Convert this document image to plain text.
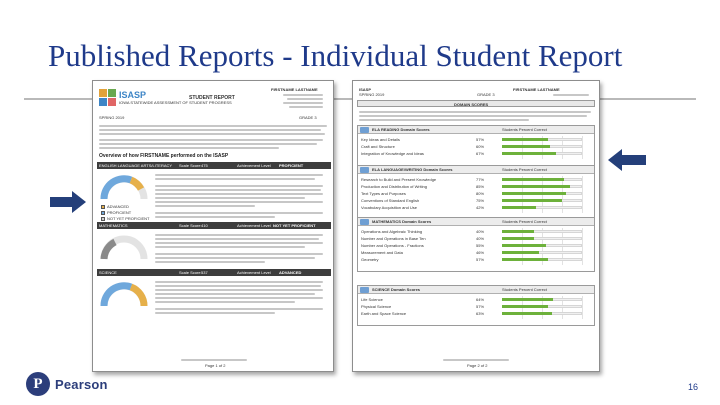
Published Reports - Individual Student Report
ISASP
IOWA STATEWIDE ASSESSMENT OF STUDENT PROGRESS
STUDENT REPORT
FIRSTNAME LASTNAME
SPRING 2019	GRADE 3
Overview of how FIRSTNAME performed on the ISASP
ENGLISH LANGUAGE ARTS/LITERACY Scale Score 475	Achievement Level PROFICIENT
ADVANCED
PROFICIENT
NOT YET PROFICIENT
MATHEMATICS	Scale Score 410	Achievement Level NOT YET PROFICIENT
SCIENCE	Scale Score 537	Achievement Level ADVANCED
Page 1 of 2
ISASP
SPRING 2019
FIRSTNAME LASTNAME
GRADE 3
DOMAIN SCORES
ELA READING Domain Scores	Students Percent Correct
Key Ideas and Details	57%
Craft and Structure	60%
Integration of Knowledge and Ideas	67%
ELA LANGUAGE/WRITING Domain Scores	Students Percent Correct
Research to Build and Present Knowledge	77%
Production and Distribution of Writing	85%
Text Types and Purposes	80%
Conventions of Standard English	75%
Vocabulary Acquisition and Use	42%
MATHEMATICS Domain Scores	Students Percent Correct
Operations and Algebraic Thinking	40%
Number and Operations in Base Ten	40%
Number and Operations - Fractions	55%
Measurement and Data	46%
Geometry	57%
SCIENCE Domain Scores	Students Percent Correct
Life Science	64%
Physical Science	57%
Earth and Space Science	63%
Page 2 of 2
P Pearson	16
